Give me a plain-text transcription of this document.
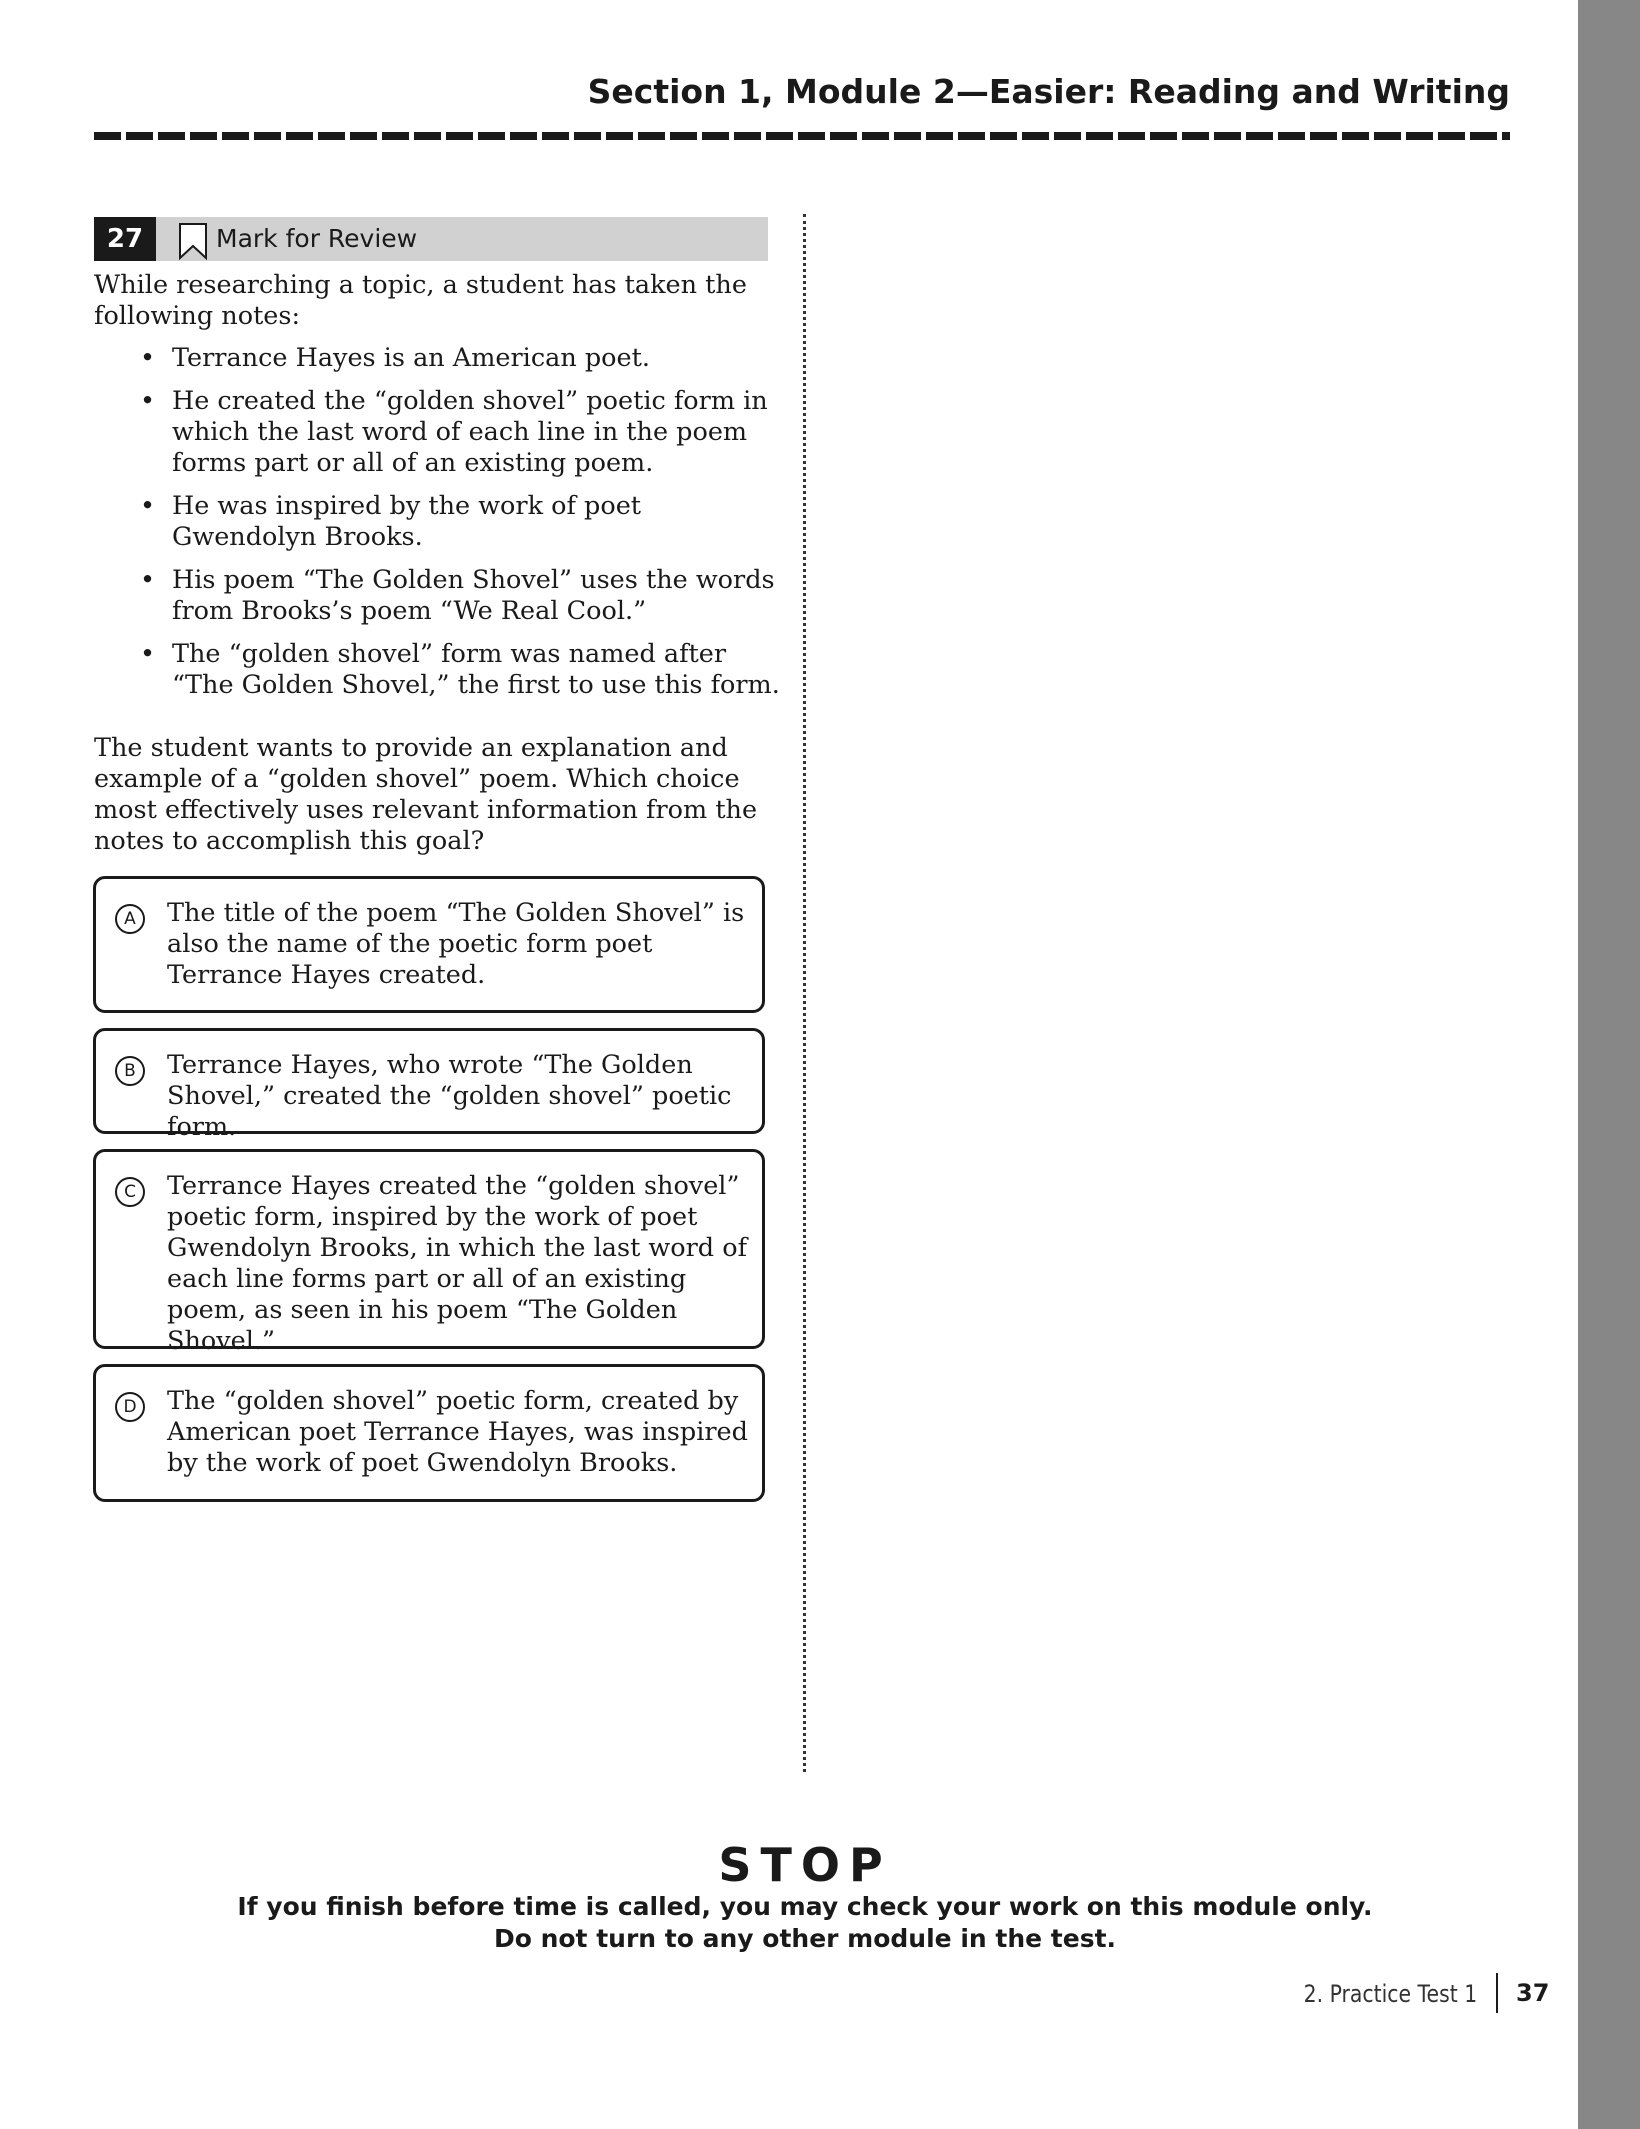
Section 1, Module 2—Easier: Reading and Writing
27	Mark for Review
While researching a topic, a student has taken the following notes:
• Terrance Hayes is an American poet.
• He created the “golden shovel” poetic form in which the last word of each line in the poem forms part or all of an existing poem.
• He was inspired by the work of poet Gwendolyn Brooks.
• His poem “The Golden Shovel” uses the words from Brooks’s poem “We Real Cool.”
• The “golden shovel” form was named after “The Golden Shovel,” the first to use this form.
The student wants to provide an explanation and example of a “golden shovel” poem. Which choice most effectively uses relevant information from the notes to accomplish this goal?
A	The title of the poem “The Golden Shovel” is also the name of the poetic form poet Terrance Hayes created.
B	Terrance Hayes, who wrote “The Golden Shovel,” created the “golden shovel” poetic form.
C	Terrance Hayes created the “golden shovel” poetic form, inspired by the work of poet Gwendolyn Brooks, in which the last word of each line forms part or all of an existing poem, as seen in his poem “The Golden Shovel.”
D	The “golden shovel” poetic form, created by American poet Terrance Hayes, was inspired by the work of poet Gwendolyn Brooks.
STOP
If you finish before time is called, you may check your work on this module only.
Do not turn to any other module in the test.
2. Practice Test 1 37
